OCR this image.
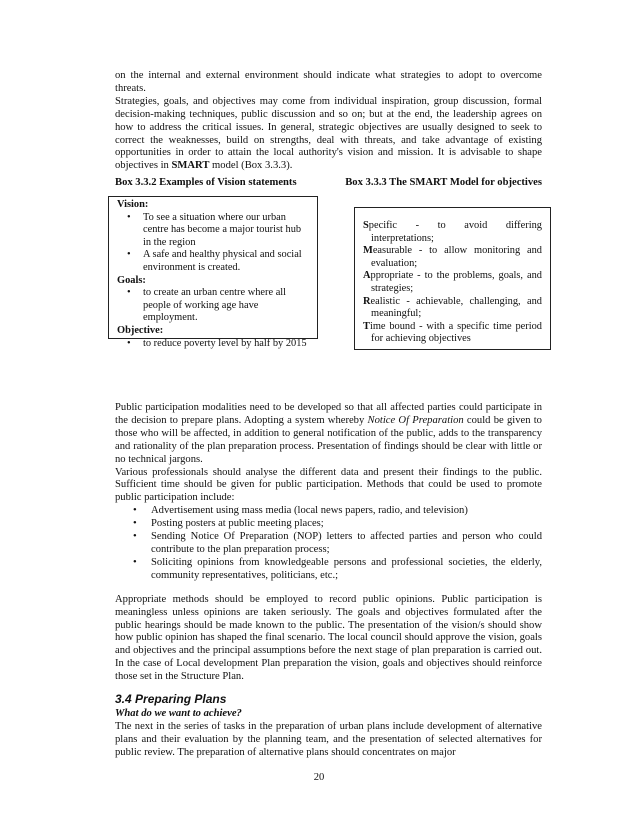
on the internal and external environment should indicate what strategies to adopt to overcome threats.

Strategies, goals, and objectives may come from individual inspiration, group discussion, formal decision-making techniques, public discussion and so on; but at the end, the leadership agrees on how to address the critical issues. In general, strategic objectives are usually designed to seek to correct the weaknesses, build on strengths, deal with threats, and take advantage of existing opportunities in order to attain the local authority's vision and mission. It is advisable to shape objectives in SMART model (Box 3.3.3).

Box 3.3.2 Examples of Vision statements	Box 3.3.3 The SMART Model for objectives
Vision:
• To see a situation where our urban centre has become a major tourist hub in the region
• A safe and healthy physical and social environment is created.
Goals:
• to create an urban centre where all people of working age have employment.
Objective:
• to reduce poverty level by half by 2015
Specific - to avoid differing interpretations;
Measurable - to allow monitoring and evaluation;
Appropriate - to the problems, goals, and strategies;
Realistic - achievable, challenging, and meaningful;
Time bound - with a specific time period for achieving objectives

Public participation modalities need to be developed so that all affected parties could participate in the decision to prepare plans. Adopting a system whereby Notice Of Preparation could be given to those who will be affected, in addition to general notification of the public, adds to the transparency and rationality of the plan preparation process. Presentation of findings should be clear with little or no technical jargons.

Various professionals should analyse the different data and present their findings to the public. Sufficient time should be given for public participation. Methods that could be used to promote public participation include:

• Advertisement using mass media (local news papers, radio, and television)
• Posting posters at public meeting places;
• Sending Notice Of Preparation (NOP) letters to affected parties and person who could contribute to the plan preparation process;
• Soliciting opinions from knowledgeable persons and professional societies, the elderly, community representatives, politicians, etc.;

Appropriate methods should be employed to record public opinions. Public participation is meaningless unless opinions are taken seriously. The goals and objectives formulated after the public hearings should be made known to the public. The presentation of the vision/s should show how public opinion has shaped the final scenario. The local council should approve the vision, goals and objectives and the principal assumptions before the next stage of plan preparation is carried out. In the case of Local development Plan preparation the vision, goals and objectives should reinforce those set in the Structure Plan.

3.4 Preparing Plans
What do we want to achieve?

The next in the series of tasks in the preparation of urban plans include development of alternative plans and their evaluation by the planning team, and the presentation of selected alternatives for public review. The preparation of alternative plans should concentrates on major

20
